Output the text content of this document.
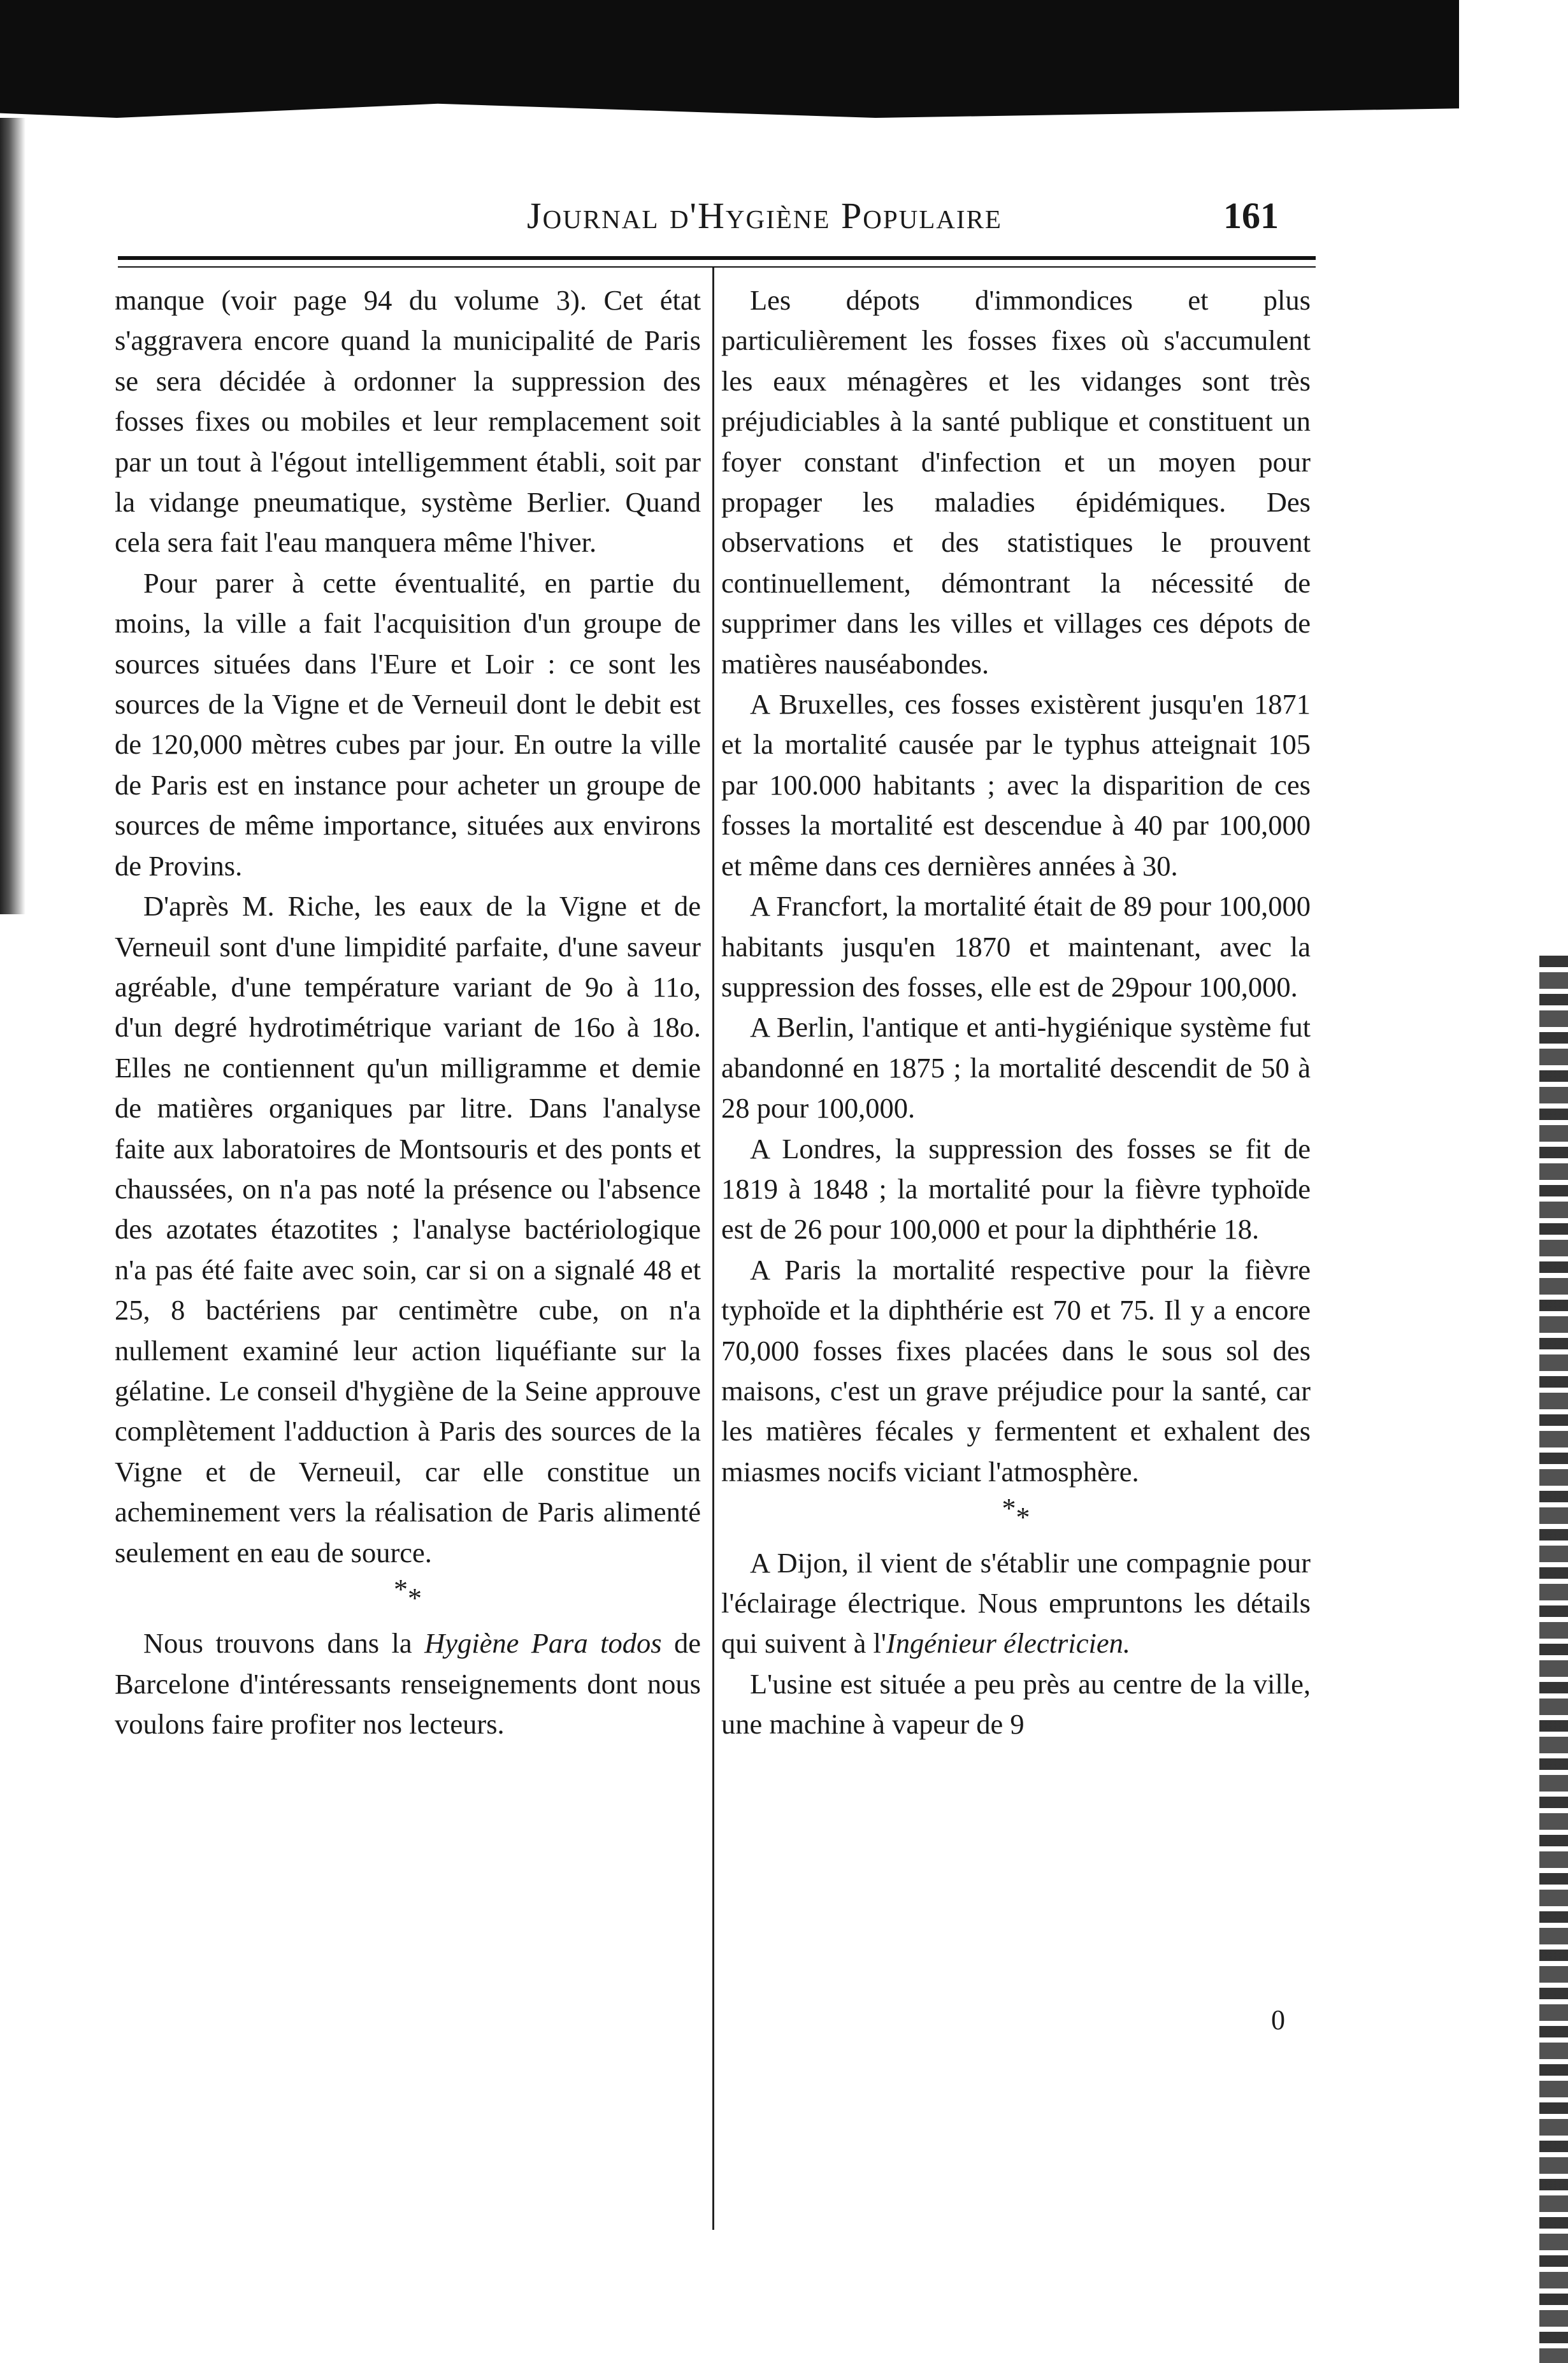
Journal d'Hygiène Populaire	161

manque (voir page 94 du volume 3). Cet état s'aggravera encore quand la municipalité de Paris se sera décidée à ordonner la suppression des fosses fixes ou mobiles et leur remplacement soit par un tout à l'égout intelligemment établi, soit par la vidange pneumatique, système Berlier. Quand cela sera fait l'eau manquera même l'hiver.

Pour parer à cette éventualité, en partie du moins, la ville a fait l'acquisition d'un groupe de sources situées dans l'Eure et Loir : ce sont les sources de la Vigne et de Verneuil dont le debit est de 120,000 mètres cubes par jour. En outre la ville de Paris est en instance pour acheter un groupe de sources de même importance, situées aux environs de Provins.

D'après M. Riche, les eaux de la Vigne et de Verneuil sont d'une limpidité parfaite, d'une saveur agréable, d'une température variant de 9o à 11o, d'un degré hydrotimétrique variant de 16o à 18o. Elles ne contiennent qu'un milligramme et demie de matières organiques par litre. Dans l'analyse faite aux laboratoires de Montsouris et des ponts et chaussées, on n'a pas noté la présence ou l'absence des azotates étazotites ; l'analyse bactériologique n'a pas été faite avec soin, car si on a signalé 48 et 25, 8 bactériens par centimètre cube, on n'a nullement examiné leur action liquéfiante sur la gélatine. Le conseil d'hygiène de la Seine approuve complètement l'adduction à Paris des sources de la Vigne et de Verneuil, car elle constitue un acheminement vers la réalisation de Paris alimenté seulement en eau de source.

**

Nous trouvons dans la Hygiène Para todos de Barcelone d'intéressants renseignements dont nous voulons faire profiter nos lecteurs.

Les dépots d'immondices et plus particulièrement les fosses fixes où s'accumulent les eaux ménagères et les vidanges sont très préjudiciables à la santé publique et constituent un foyer constant d'infection et un moyen pour propager les maladies épidémiques. Des observations et des statistiques le prouvent continuellement, démontrant la nécessité de supprimer dans les villes et villages ces dépots de matières nauséabondes.

A Bruxelles, ces fosses existèrent jusqu'en 1871 et la mortalité causée par le typhus atteignait 105 par 100.000 habitants ; avec la disparition de ces fosses la mortalité est descendue à 40 par 100,000 et même dans ces dernières années à 30.

A Francfort, la mortalité était de 89 pour 100,000 habitants jusqu'en 1870 et maintenant, avec la suppression des fosses, elle est de 29pour 100,000.

A Berlin, l'antique et anti-hygiénique système fut abandonné en 1875 ; la mortalité descendit de 50 à 28 pour 100,000.

A Londres, la suppression des fosses se fit de 1819 à 1848 ; la mortalité pour la fièvre typhoïde est de 26 pour 100,000 et pour la diphthérie 18.

A Paris la mortalité respective pour la fièvre typhoïde et la diphthérie est 70 et 75. Il y a encore 70,000 fosses fixes placées dans le sous sol des maisons, c'est un grave préjudice pour la santé, car les matières fécales y fermentent et exhalent des miasmes nocifs viciant l'atmosphère.

**

A Dijon, il vient de s'établir une compagnie pour l'éclairage électrique. Nous empruntons les détails qui suivent à l'Ingénieur électricien.

L'usine est située a peu près au centre de la ville, une machine à vapeur de 9

0
